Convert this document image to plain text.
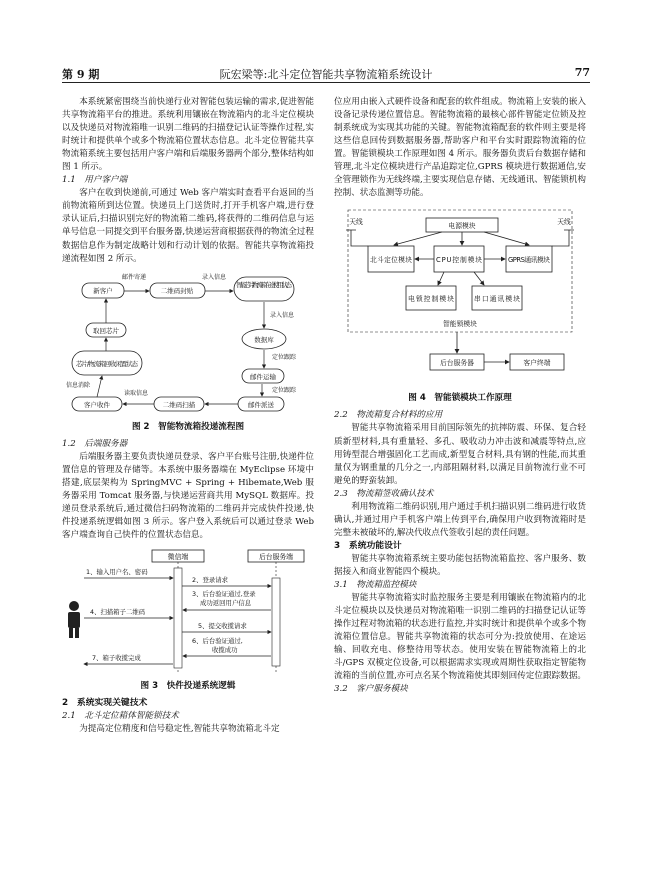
第 9 期	阮宏梁等:北斗定位智能共享物流箱系统设计	77

本系统紧密围绕当前快递行业对智能包装运输的需求,促进智能共享物流箱平台的推进。系统利用镶嵌在物流箱内的北斗定位模块以及快递员对物流箱唯一识别二维码的扫描登记认证等操作过程,实时统计和提供单个或多个物流箱位置状态信息。北斗定位智能共享物流箱系统主要包括用户客户端和后端服务器两个部分,整体结构如图 1 所示。

1.1　用户客户端

客户在收到快递前,可通过 Web 客户端实时查看平台返回的当前物流箱所到达位置。快递员上门送货时,打开手机客户端,进行登录认证后,扫描识别完好的物流箱二维码,将获得的二维码信息与运单号信息一同提交到平台服务器,快递运营商根据获得的物流全过程数据信息作为制定战略计划和行动计划的依据。智能共享物流箱投递流程如图 2 所示。

新客户	二维码封贴
智能芯片/物流箱在途使用状态
数据库
取回芯片
芯片/物流箱回收闲置状态
邮件运输
客户收件	二维码扫描	邮件派送
邮件寄递	录入信息
录入信息
定位跟踪
定位跟踪
信息消除
读取信息
图 2　智能物流箱投递流程图
1.2　后端服务器

后端服务器主要负责快递员登录、客户平台账号注册,快递件位置信息的管理及存储等。本系统中服务器端在 MyEclipse 环境中搭建,底层架构为 SpringMVC + Spring + Hibemate,Web 服务器采用 Tomcat 服务器,与快递运营商共用 MySQL 数据库。投递员登录系统后,通过微信扫码物流箱的二维码并完成快件投递,快件投递系统逻辑如图 3 所示。客户登入系统后可以通过登录 Web 客户端查询自己快件的位置状态信息。

微信端	后台服务端
1、输入用户名、密码
2、登录请求
3、后台验证通过,登录
成功返回用户信息
4、扫描箱子二维码
5、提交收揽请求
6、后台验证通过,
收揽成功
7、箱子收揽完成
图 3　快件投递系统逻辑
2　系统实现关键技术
2.1　北斗定位箱体智能锁技术

为提高定位精度和信号稳定性,智能共享物流箱北斗定

位应用由嵌入式硬件设备和配套的软件组成。物流箱上安装的嵌入设备记录传递位置信息。智能物流箱的最核心部件智能定位锁及控制系统成为实现其功能的关键。智能物流箱配套的软件则主要是将这些信息回传到数据服务器,帮助客户和平台实时跟踪物流箱的位置。智能锁模块工作原理如图 4 所示。服务器负责后台数据存储和管理,北斗定位模块进行产品追踪定位,GPRS 模块进行数据通信,安全管理锁作为无线终端,主要实现信息存储、无线通讯、智能锁机构控制、状态监测等功能。

电源模块
北斗定位模块	CPU控制模块	GPRS通讯模块
电锁控制模块	串口通讯模块
智能锁模块
后台服务器	客户终端
天线	天线
图 4　智能锁模块工作原理
2.2　物流箱复合材料的应用

智能共享物流箱采用目前国际领先的抗摔防震、环保、复合轻质新型材料,具有重量轻、多孔、吸收动力冲击波和减震等特点,应用铸型混合增强固化工艺而成,新型复合材料,具有钢的性能,而其重量仅为钢重量的几分之一,内部阻隔材料,以满足目前物流行业不可避免的野蛮装卸。

2.3　物流箱签收确认技术

利用物流箱二维码识别,用户通过手机扫描识别二维码进行收货确认,并通过用户手机客户端上传到平台,确保用户收到物流箱时是完整未被破坏的,解决代收点代签收引起的责任问题。

3　系统功能设计

智能共享物流箱系统主要功能包括物流箱监控、客户服务、数据接入和商业智能四个模块。

3.1　物流箱监控模块

智能共享物流箱实时监控服务主要是利用镶嵌在物流箱内的北斗定位模块以及快递员对物流箱唯一识别二维码的扫描登记认证等操作过程对物流箱的状态进行监控,并实时统计和提供单个或多个物流箱位置信息。智能共享物流箱的状态可分为:投放使用、在途运输、回收充电、修整待用等状态。使用安装在智能物流箱上的北斗/GPS 双模定位设备,可以根据需求实现或周期性获取指定智能物流箱的当前位置,亦可点名某个物流箱使其即刻回传定位跟踪数据。

3.2　客户服务模块
